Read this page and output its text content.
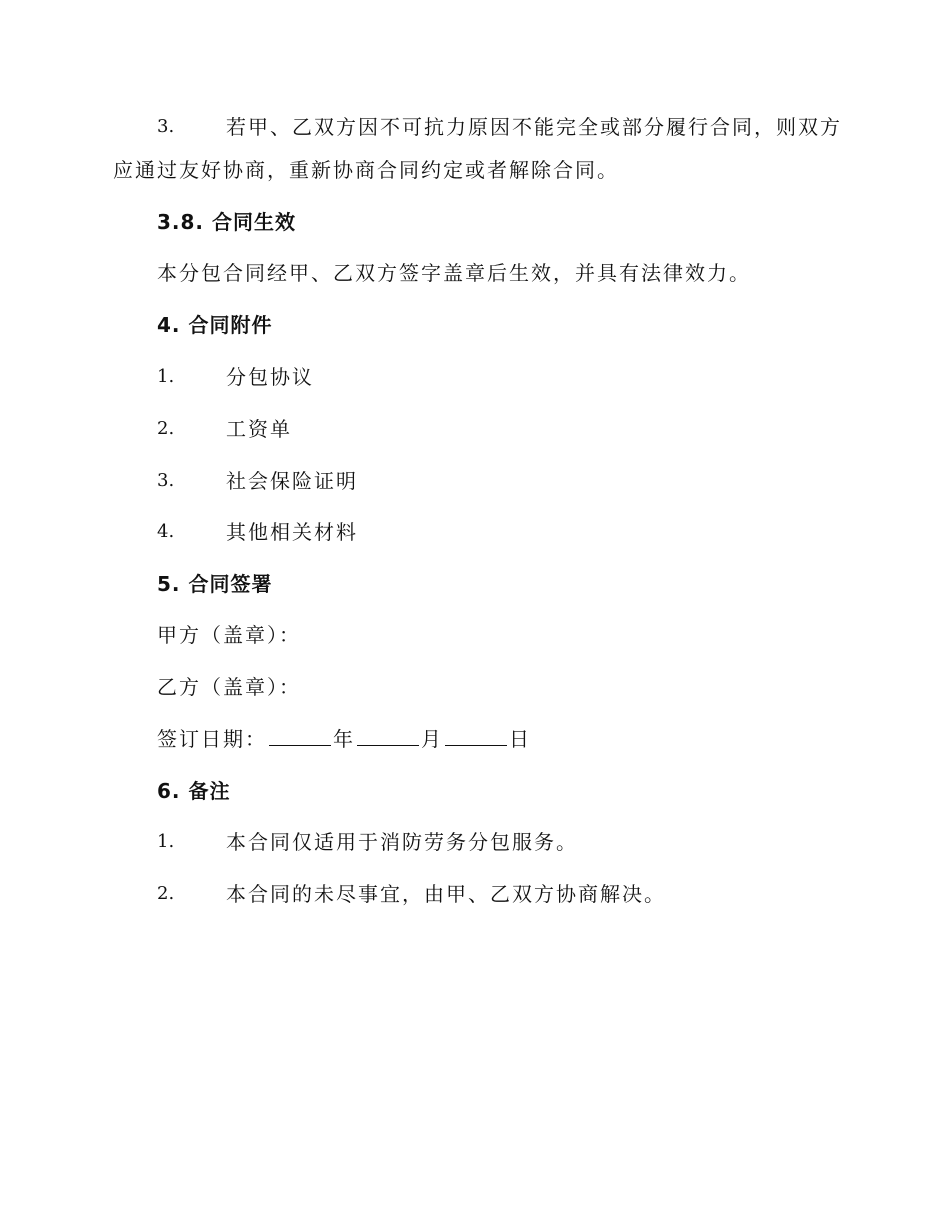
3.	若甲、乙双方因不可抗力原因不能完全或部分履行合同，则双方
应通过友好协商，重新协商合同约定或者解除合同。
3.8. 合同生效
本分包合同经甲、乙双方签字盖章后生效，并具有法律效力。
4. 合同附件
1.	分包协议
2.	工资单
3.	社会保险证明
4.	其他相关材料
5. 合同签署
甲方（盖章）：
乙方（盖章）：
签订日期：	年	月	日
6. 备注
1.	本合同仅适用于消防劳务分包服务。
2.	本合同的未尽事宜，由甲、乙双方协商解决。
